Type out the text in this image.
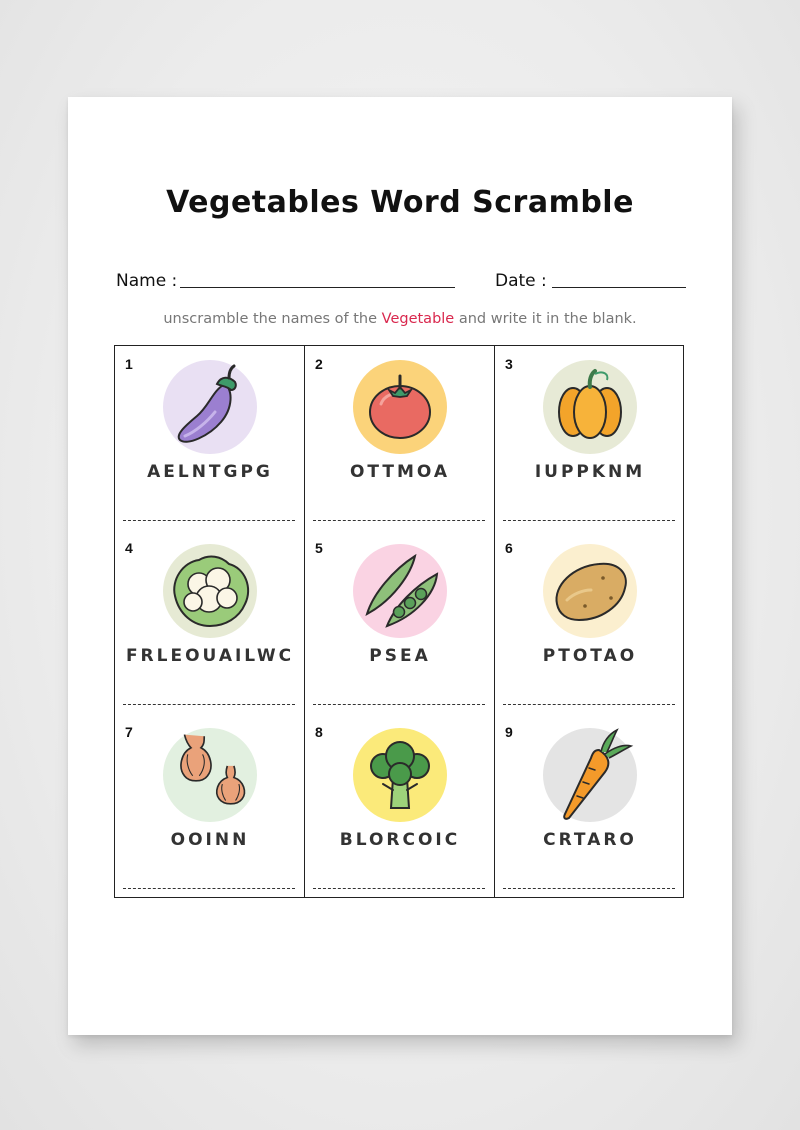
Vegetables Word Scramble
Name :	Date :
unscramble the names of the Vegetable and write it in the blank.
1
AELNTGPG
2
OTTMOA
3
IUPPKNM
4
FRLEOUAILWC
5
PSEA
6
PTOTAO
7
OOINN
8
BLORCOIC
9
CRTARO
